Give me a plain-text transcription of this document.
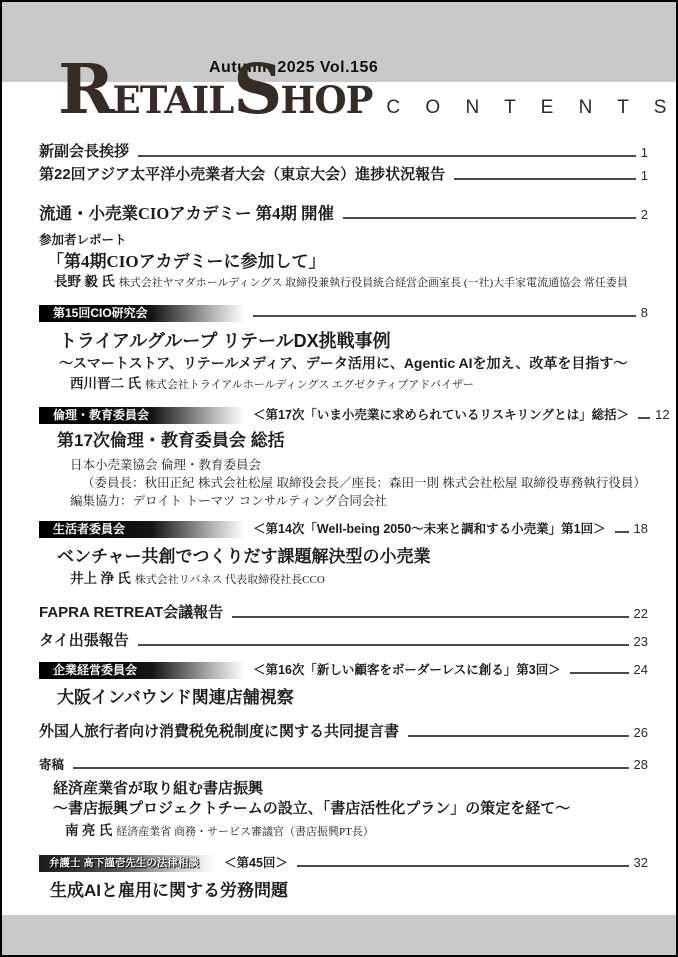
Autumn 2025 Vol.156
RETAILSHOP C O N T E N T S
新副会長挨拶	1
第22回アジア太平洋小売業者大会（東京大会）進捗状況報告	1
流通・小売業CIOアカデミー 第4期 開催	2
参加者レポート
「第4期CIOアカデミーに参加して」
長野 毅 氏 株式会社ヤマダホールディングス 取締役兼執行役員統合経営企画室長 (一社)大手家電流通協会 常任委員
第15回CIO研究会	8
トライアルグループ リテールDX挑戦事例
～スマートストア、リテールメディア、データ活用に、Agentic AIを加え、改革を目指す～
西川晋二 氏 株式会社トライアルホールディングス エグゼクティブアドバイザー
倫理・教育委員会	＜第17次「いま小売業に求められているリスキリングとは」総括＞ 12
第17次倫理・教育委員会 総括
日本小売業協会 倫理・教育委員会
（委員長：秋田正紀 株式会社松屋 取締役会長／座長：森田一則 株式会社松屋 取締役専務執行役員）
編集協力：デロイト トーマツ コンサルティング合同会社
生活者委員会	＜第14次「Well-being 2050～未来と調和する小売業」第1回＞ 18
ベンチャー共創でつくりだす課題解決型の小売業
井上 浄 氏 株式会社リバネス 代表取締役社長CCO
FAPRA RETREAT会議報告	22
タイ出張報告	23
企業経営委員会	＜第16次「新しい顧客をボーダーレスに創る」第3回＞	24
大阪インバウンド関連店舗視察
外国人旅行者向け消費税免税制度に関する共同提言書	26
寄稿	28
経済産業省が取り組む書店振興
～書店振興プロジェクトチームの設立、「書店活性化プラン」の策定を経て～
南 亮 氏 経済産業省 商務・サービス審議官（書店振興PT長）
弁護士 髙下謹壱先生の法律相談	＜第45回＞	32
生成AIと雇用に関する労務問題
